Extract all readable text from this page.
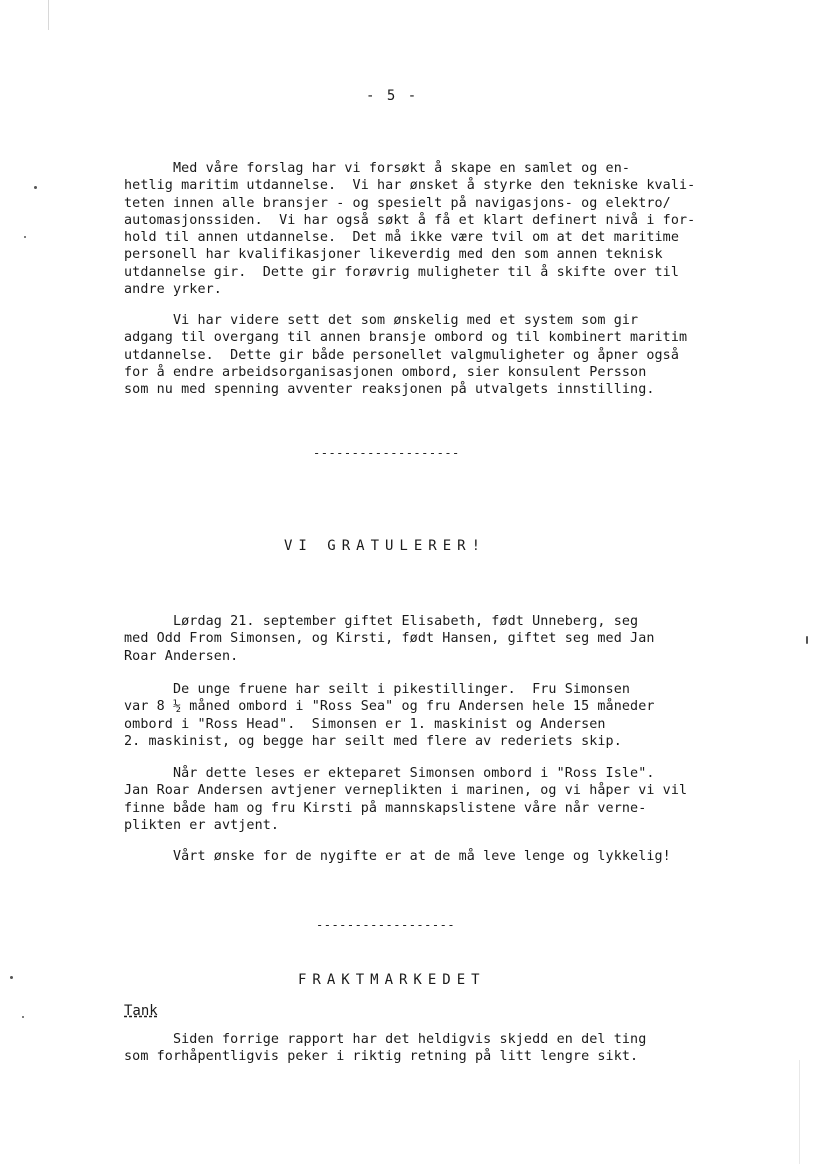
- 5 -

Med våre forslag har vi forsøkt å skape en samlet og en-
hetlig maritim utdannelse.  Vi har ønsket å styrke den tekniske kvali-
teten innen alle bransjer - og spesielt på navigasjons- og elektro/
automasjonssiden.  Vi har også søkt å få et klart definert nivå i for-
hold til annen utdannelse.  Det må ikke være tvil om at det maritime
personell har kvalifikasjoner likeverdig med den som annen teknisk
utdannelse gir.  Dette gir forøvrig muligheter til å skifte over til
andre yrker.

Vi har videre sett det som ønskelig med et system som gir
adgang til overgang til annen bransje ombord og til kombinert maritim
utdannelse.  Dette gir både personellet valgmuligheter og åpner også
for å endre arbeidsorganisasjonen ombord, sier konsulent Persson
som nu med spenning avventer reaksjonen på utvalgets innstilling.

-------------------

VI GRATULERER!

Lørdag 21. september giftet Elisabeth, født Unneberg, seg
med Odd From Simonsen, og Kirsti, født Hansen, giftet seg med Jan
Roar Andersen.

De unge fruene har seilt i pikestillinger.  Fru Simonsen
var 8 ½ måned ombord i "Ross Sea" og fru Andersen hele 15 måneder
ombord i "Ross Head".  Simonsen er 1. maskinist og Andersen
2. maskinist, og begge har seilt med flere av rederiets skip.

Når dette leses er ekteparet Simonsen ombord i "Ross Isle".
Jan Roar Andersen avtjener verneplikten i marinen, og vi håper vi vil
finne både ham og fru Kirsti på mannskapslistene våre når verne-
plikten er avtjent.

Vårt ønske for de nygifte er at de må leve lenge og lykkelig!

------------------

FRAKTMARKEDET

Tank

Siden forrige rapport har det heldigvis skjedd en del ting
som forhåpentligvis peker i riktig retning på litt lengre sikt.
